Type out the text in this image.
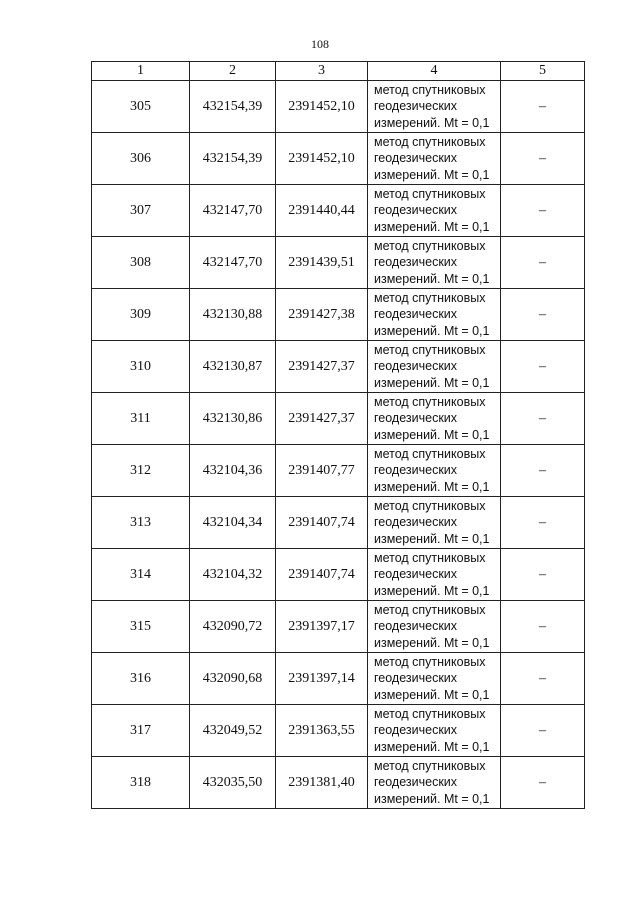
108
1	2	3	4	5
305	432154,39	2391452,10	метод спутниковых
геодезических
измерений. Mt = 0,1	–
306	432154,39	2391452,10	метод спутниковых
геодезических
измерений. Mt = 0,1	–
307	432147,70	2391440,44	метод спутниковых
геодезических
измерений. Mt = 0,1	–
308	432147,70	2391439,51	метод спутниковых
геодезических
измерений. Mt = 0,1	–
309	432130,88	2391427,38	метод спутниковых
геодезических
измерений. Mt = 0,1	–
310	432130,87	2391427,37	метод спутниковых
геодезических
измерений. Mt = 0,1	–
311	432130,86	2391427,37	метод спутниковых
геодезических
измерений. Mt = 0,1	–
312	432104,36	2391407,77	метод спутниковых
геодезических
измерений. Mt = 0,1	–
313	432104,34	2391407,74	метод спутниковых
геодезических
измерений. Mt = 0,1	–
314	432104,32	2391407,74	метод спутниковых
геодезических
измерений. Mt = 0,1	–
315	432090,72	2391397,17	метод спутниковых
геодезических
измерений. Mt = 0,1	–
316	432090,68	2391397,14	метод спутниковых
геодезических
измерений. Mt = 0,1	–
317	432049,52	2391363,55	метод спутниковых
геодезических
измерений. Mt = 0,1	–
318	432035,50	2391381,40	метод спутниковых
геодезических
измерений. Mt = 0,1	–
